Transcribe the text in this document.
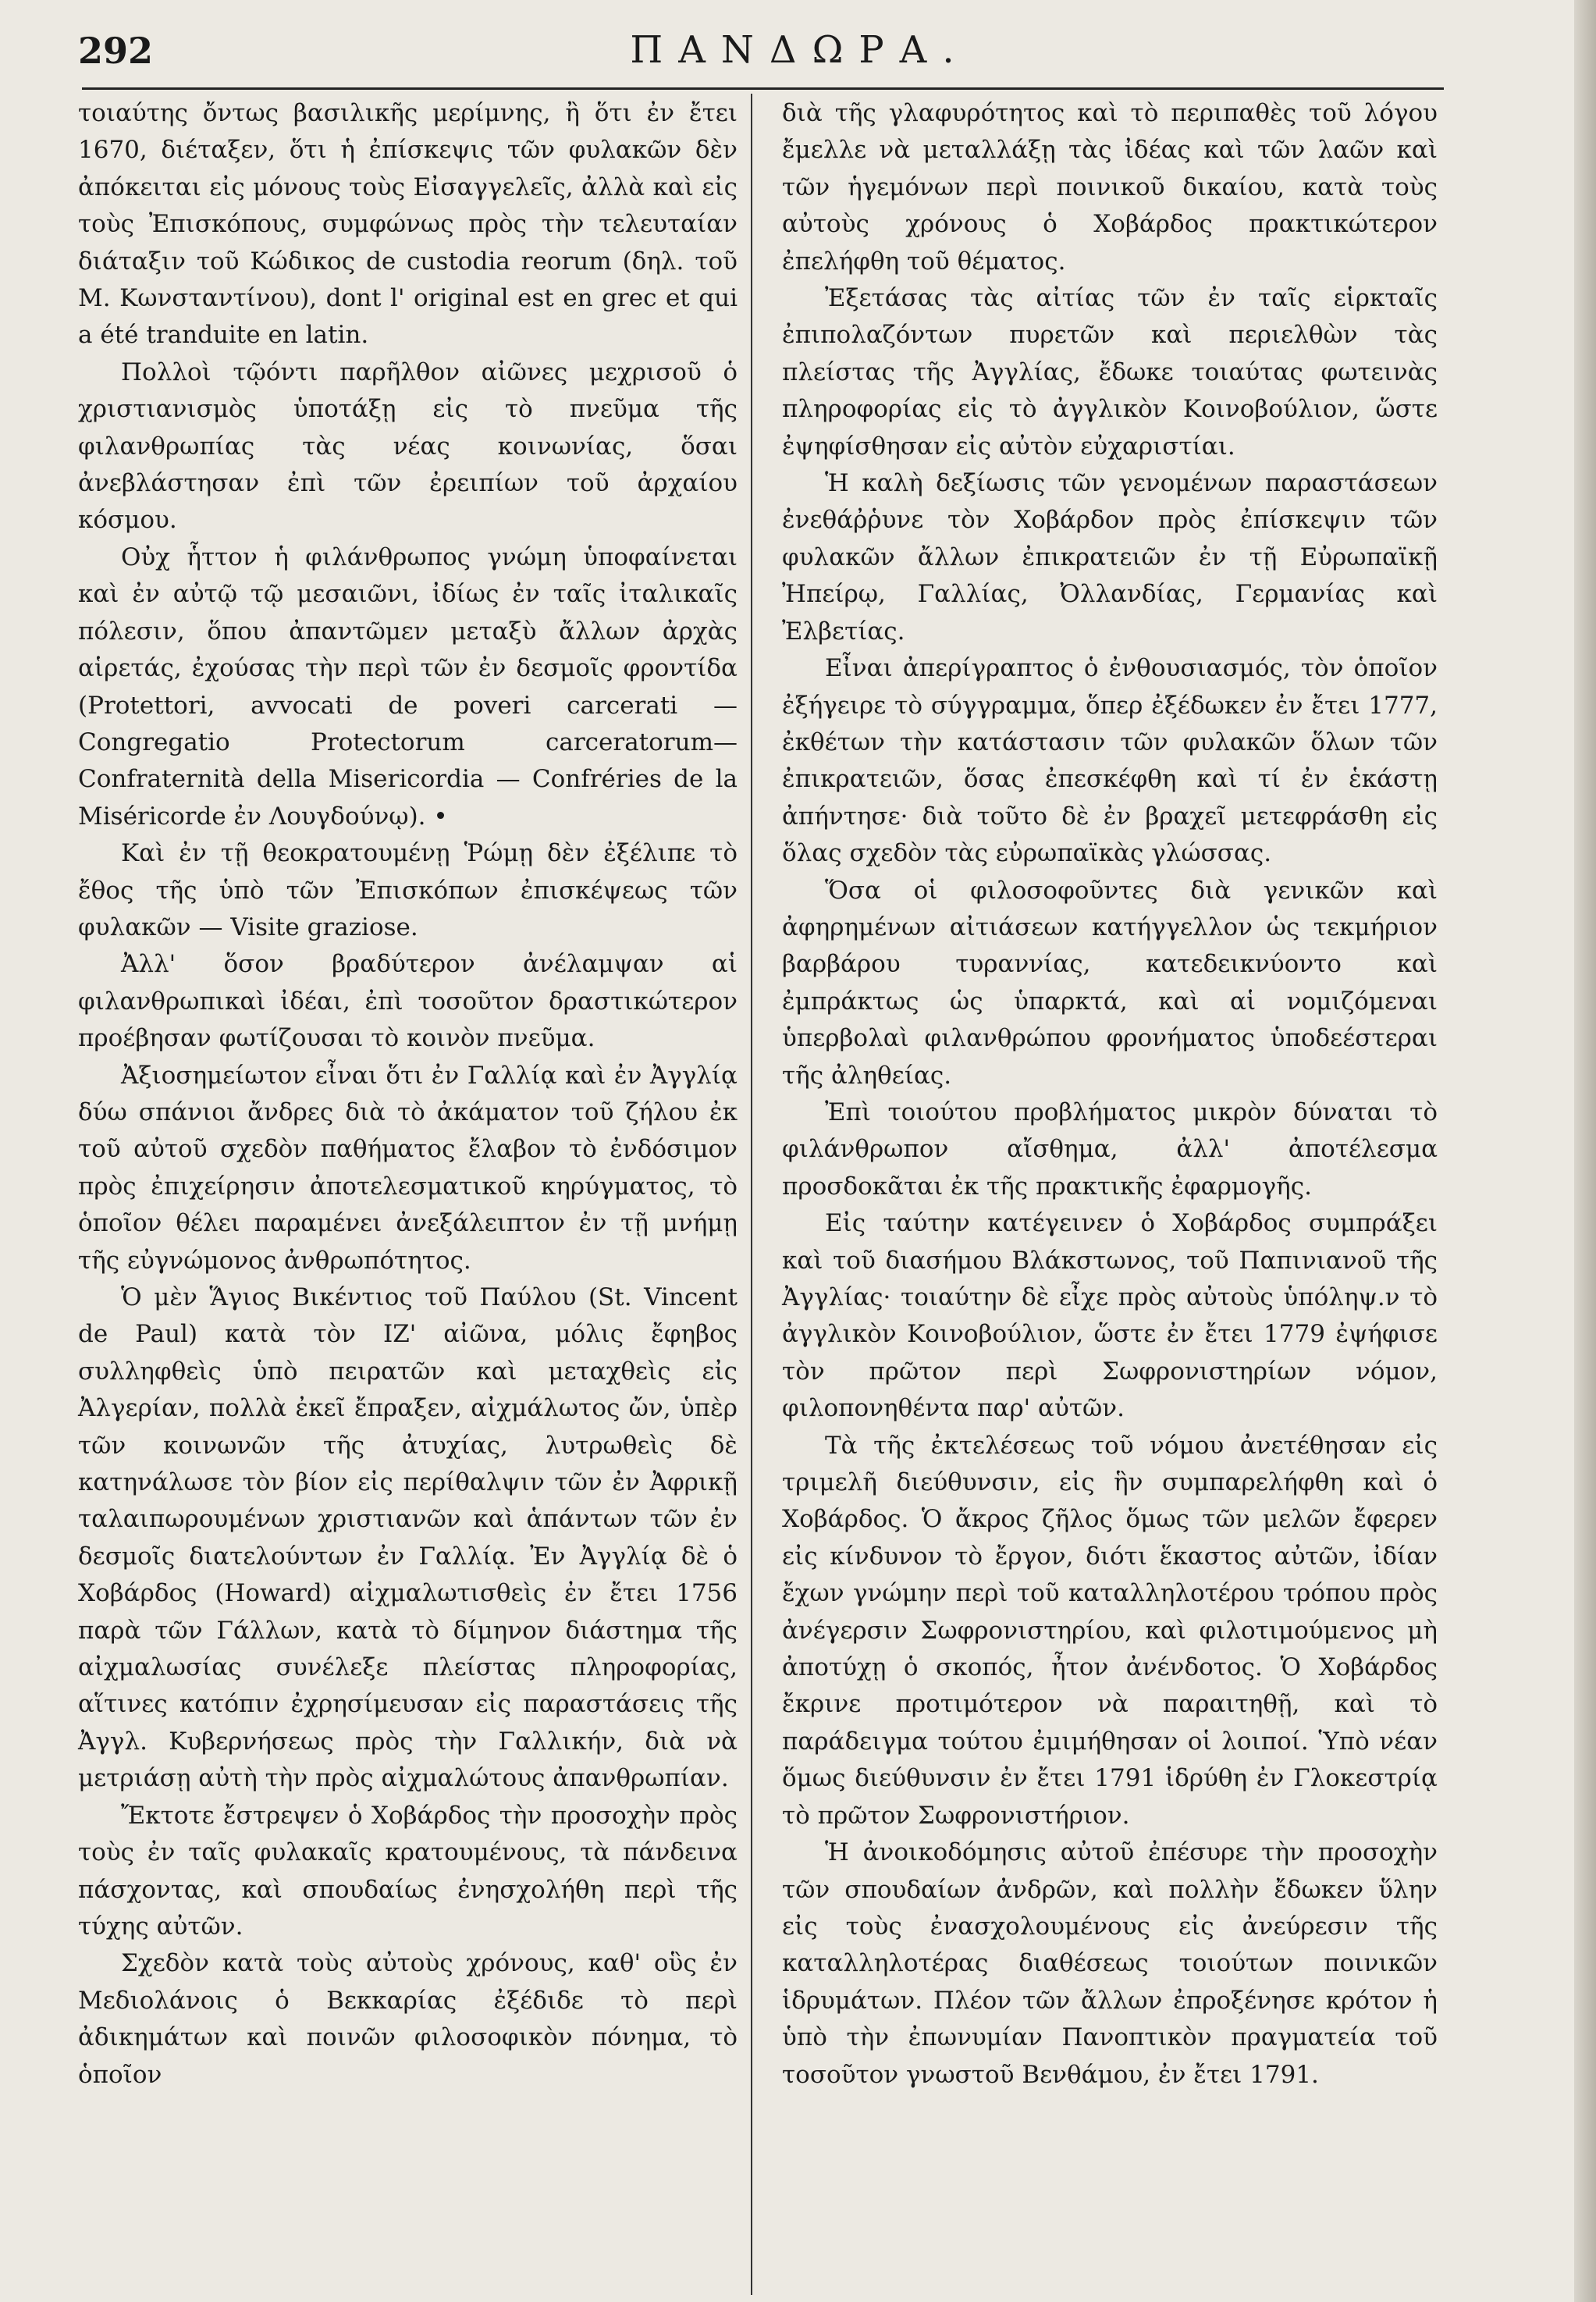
292	ΠΑΝΔΩΡΑ.

τοιαύτης ὄντως βασιλικῆς μερίμνης, ἢ ὅτι ἐν ἔτει 1670, διέταξεν, ὅτι ἡ ἐπίσκεψις τῶν φυλακῶν δὲν ἀπόκειται εἰς μόνους τοὺς Εἰσαγγελεῖς, ἀλλὰ καὶ εἰς τοὺς Ἐπισκόπους, συμφώνως πρὸς τὴν τελευταίαν διάταξιν τοῦ Κώδικος de custodia reorum (δηλ. τοῦ Μ. Κωνσταντίνου), dont l' original est en grec et qui a été tranduite en latin.

Πολλοὶ τῷόντι παρῆλθον αἰῶνες μεχρισοῦ ὁ χριστιανισμὸς ὑποτάξῃ εἰς τὸ πνεῦμα τῆς φιλανθρωπίας τὰς νέας κοινωνίας, ὅσαι ἀνεβλάστησαν ἐπὶ τῶν ἐρειπίων τοῦ ἀρχαίου κόσμου.

Οὐχ ἧττον ἡ φιλάνθρωπος γνώμη ὑποφαίνεται καὶ ἐν αὐτῷ τῷ μεσαιῶνι, ἰδίως ἐν ταῖς ἰταλικαῖς πόλεσιν, ὅπου ἀπαντῶμεν μεταξὺ ἄλλων ἀρχὰς αἱρετάς, ἐχούσας τὴν περὶ τῶν ἐν δεσμοῖς φροντίδα (Protettori, avvocati de poveri carcerati — Congregatio Protectorum carceratorum—Confraternità della Misericordia — Confréries de la Miséricorde ἐν Λουγδούνῳ). •

Καὶ ἐν τῇ θεοκρατουμένῃ Ῥώμῃ δὲν ἐξέλιπε τὸ ἔθος τῆς ὑπὸ τῶν Ἐπισκόπων ἐπισκέψεως τῶν φυλακῶν — Visite graziose.

Ἀλλ' ὅσον βραδύτερον ἀνέλαμψαν αἱ φιλανθρωπικαὶ ἰδέαι, ἐπὶ τοσοῦτον δραστικώτερον προέβησαν φωτίζουσαι τὸ κοινὸν πνεῦμα.

Ἀξιοσημείωτον εἶναι ὅτι ἐν Γαλλίᾳ καὶ ἐν Ἀγγλίᾳ δύω σπάνιοι ἄνδρες διὰ τὸ ἀκάματον τοῦ ζήλου ἐκ τοῦ αὐτοῦ σχεδὸν παθήματος ἔλαβον τὸ ἐνδόσιμον πρὸς ἐπιχείρησιν ἀποτελεσματικοῦ κηρύγματος, τὸ ὁποῖον θέλει παραμένει ἀνεξάλειπτον ἐν τῇ μνήμῃ τῆς εὐγνώμονος ἀνθρωπότητος.

Ὁ μὲν Ἅγιος Βικέντιος τοῦ Παύλου (St. Vincent de Paul) κατὰ τὸν ΙΖ' αἰῶνα, μόλις ἔφηβος συλληφθεὶς ὑπὸ πειρατῶν καὶ μεταχθεὶς εἰς Ἀλγερίαν, πολλὰ ἐκεῖ ἔπραξεν, αἰχμάλωτος ὤν, ὑπὲρ τῶν κοινωνῶν τῆς ἀτυχίας, λυτρωθεὶς δὲ κατηνάλωσε τὸν βίον εἰς περίθαλψιν τῶν ἐν Ἀφρικῇ ταλαιπωρουμένων χριστιανῶν καὶ ἁπάντων τῶν ἐν δεσμοῖς διατελούντων ἐν Γαλλίᾳ. Ἐν Ἀγγλίᾳ δὲ ὁ Χοβάρδος (Howard) αἰχμαλωτισθεὶς ἐν ἔτει 1756 παρὰ τῶν Γάλλων, κατὰ τὸ δίμηνον διάστημα τῆς αἰχμαλωσίας συνέλεξε πλείστας πληροφορίας, αἵτινες κατόπιν ἐχρησίμευσαν εἰς παραστάσεις τῆς Ἀγγλ. Κυβερνήσεως πρὸς τὴν Γαλλικήν, διὰ νὰ μετριάσῃ αὐτὴ τὴν πρὸς αἰχμαλώτους ἀπανθρωπίαν.

Ἔκτοτε ἔστρεψεν ὁ Χοβάρδος τὴν προσοχὴν πρὸς τοὺς ἐν ταῖς φυλακαῖς κρατουμένους, τὰ πάνδεινα πάσχοντας, καὶ σπουδαίως ἐνησχολήθη περὶ τῆς τύχης αὐτῶν.

Σχεδὸν κατὰ τοὺς αὐτοὺς χρόνους, καθ' οὓς ἐν Μεδιολάνοις ὁ Βεκκαρίας ἐξέδιδε τὸ περὶ ἀδικημάτων καὶ ποινῶν φιλοσοφικὸν πόνημα, τὸ ὁποῖον

διὰ τῆς γλαφυρότητος καὶ τὸ περιπαθὲς τοῦ λόγου ἔμελλε νὰ μεταλλάξῃ τὰς ἰδέας καὶ τῶν λαῶν καὶ τῶν ἡγεμόνων περὶ ποινικοῦ δικαίου, κατὰ τοὺς αὐτοὺς χρόνους ὁ Χοβάρδος πρακτικώτερον ἐπελήφθη τοῦ θέματος.

Ἐξετάσας τὰς αἰτίας τῶν ἐν ταῖς εἱρκταῖς ἐπιπολαζόντων πυρετῶν καὶ περιελθὼν τὰς πλείστας τῆς Ἀγγλίας, ἔδωκε τοιαύτας φωτεινὰς πληροφορίας εἰς τὸ ἀγγλικὸν Κοινοβούλιον, ὥστε ἐψηφίσθησαν εἰς αὐτὸν εὐχαριστίαι.

Ἡ καλὴ δεξίωσις τῶν γενομένων παραστάσεων ἐνεθάῤῥυνε τὸν Χοβάρδον πρὸς ἐπίσκεψιν τῶν φυλακῶν ἄλλων ἐπικρατειῶν ἐν τῇ Εὐρωπαϊκῇ Ἠπείρῳ, Γαλλίας, Ὀλλανδίας, Γερμανίας καὶ Ἐλβετίας.

Εἶναι ἀπερίγραπτος ὁ ἐνθουσιασμός, τὸν ὁποῖον ἐξήγειρε τὸ σύγγραμμα, ὅπερ ἐξέδωκεν ἐν ἔτει 1777, ἐκθέτων τὴν κατάστασιν τῶν φυλακῶν ὅλων τῶν ἐπικρατειῶν, ὅσας ἐπεσκέφθη καὶ τί ἐν ἑκάστῃ ἀπήντησε· διὰ τοῦτο δὲ ἐν βραχεῖ μετεφράσθη εἰς ὅλας σχεδὸν τὰς εὐρωπαϊκὰς γλώσσας.

Ὅσα οἱ φιλοσοφοῦντες διὰ γενικῶν καὶ ἀφηρημένων αἰτιάσεων κατήγγελλον ὡς τεκμήριον βαρβάρου τυραννίας, κατεδεικνύοντο καὶ ἐμπράκτως ὡς ὑπαρκτά, καὶ αἱ νομιζόμεναι ὑπερβολαὶ φιλανθρώπου φρονήματος ὑποδεέστεραι τῆς ἀληθείας.

Ἐπὶ τοιούτου προβλήματος μικρὸν δύναται τὸ φιλάνθρωπον αἴσθημα, ἀλλ' ἀποτέλεσμα προσδοκᾶται ἐκ τῆς πρακτικῆς ἐφαρμογῆς.

Εἰς ταύτην κατέγεινεν ὁ Χοβάρδος συμπράξει καὶ τοῦ διασήμου Βλάκστωνος, τοῦ Παπινιανοῦ τῆς Ἀγγλίας· τοιαύτην δὲ εἶχε πρὸς αὐτοὺς ὑπόληψ.ν τὸ ἀγγλικὸν Κοινοβούλιον, ὥστε ἐν ἔτει 1779 ἐψήφισε τὸν πρῶτον περὶ Σωφρονιστηρίων νόμον, φιλοπονηθέντα παρ' αὐτῶν.

Τὰ τῆς ἐκτελέσεως τοῦ νόμου ἀνετέθησαν εἰς τριμελῆ διεύθυνσιν, εἰς ἣν συμπαρελήφθη καὶ ὁ Χοβάρδος. Ὁ ἄκρος ζῆλος ὅμως τῶν μελῶν ἔφερεν εἰς κίνδυνον τὸ ἔργον, διότι ἕκαστος αὐτῶν, ἰδίαν ἔχων γνώμην περὶ τοῦ καταλληλοτέρου τρόπου πρὸς ἀνέγερσιν Σωφρονιστηρίου, καὶ φιλοτιμούμενος μὴ ἀποτύχῃ ὁ σκοπός, ἦτον ἀνένδοτος. Ὁ Χοβάρδος ἔκρινε προτιμότερον νὰ παραιτηθῇ, καὶ τὸ παράδειγμα τούτου ἐμιμήθησαν οἱ λοιποί. Ὑπὸ νέαν ὅμως διεύθυνσιν ἐν ἔτει 1791 ἱδρύθη ἐν Γλοκεστρίᾳ τὸ πρῶτον Σωφρονιστήριον.

Ἡ ἀνοικοδόμησις αὐτοῦ ἐπέσυρε τὴν προσοχὴν τῶν σπουδαίων ἀνδρῶν, καὶ πολλὴν ἔδωκεν ὕλην εἰς τοὺς ἐνασχολουμένους εἰς ἀνεύρεσιν τῆς καταλληλοτέρας διαθέσεως τοιούτων ποινικῶν ἱδρυμάτων. Πλέον τῶν ἄλλων ἐπροξένησε κρότον ἡ ὑπὸ τὴν ἐπωνυμίαν Πανοπτικὸν πραγματεία τοῦ τοσοῦτον γνωστοῦ Βενθάμου, ἐν ἔτει 1791.
